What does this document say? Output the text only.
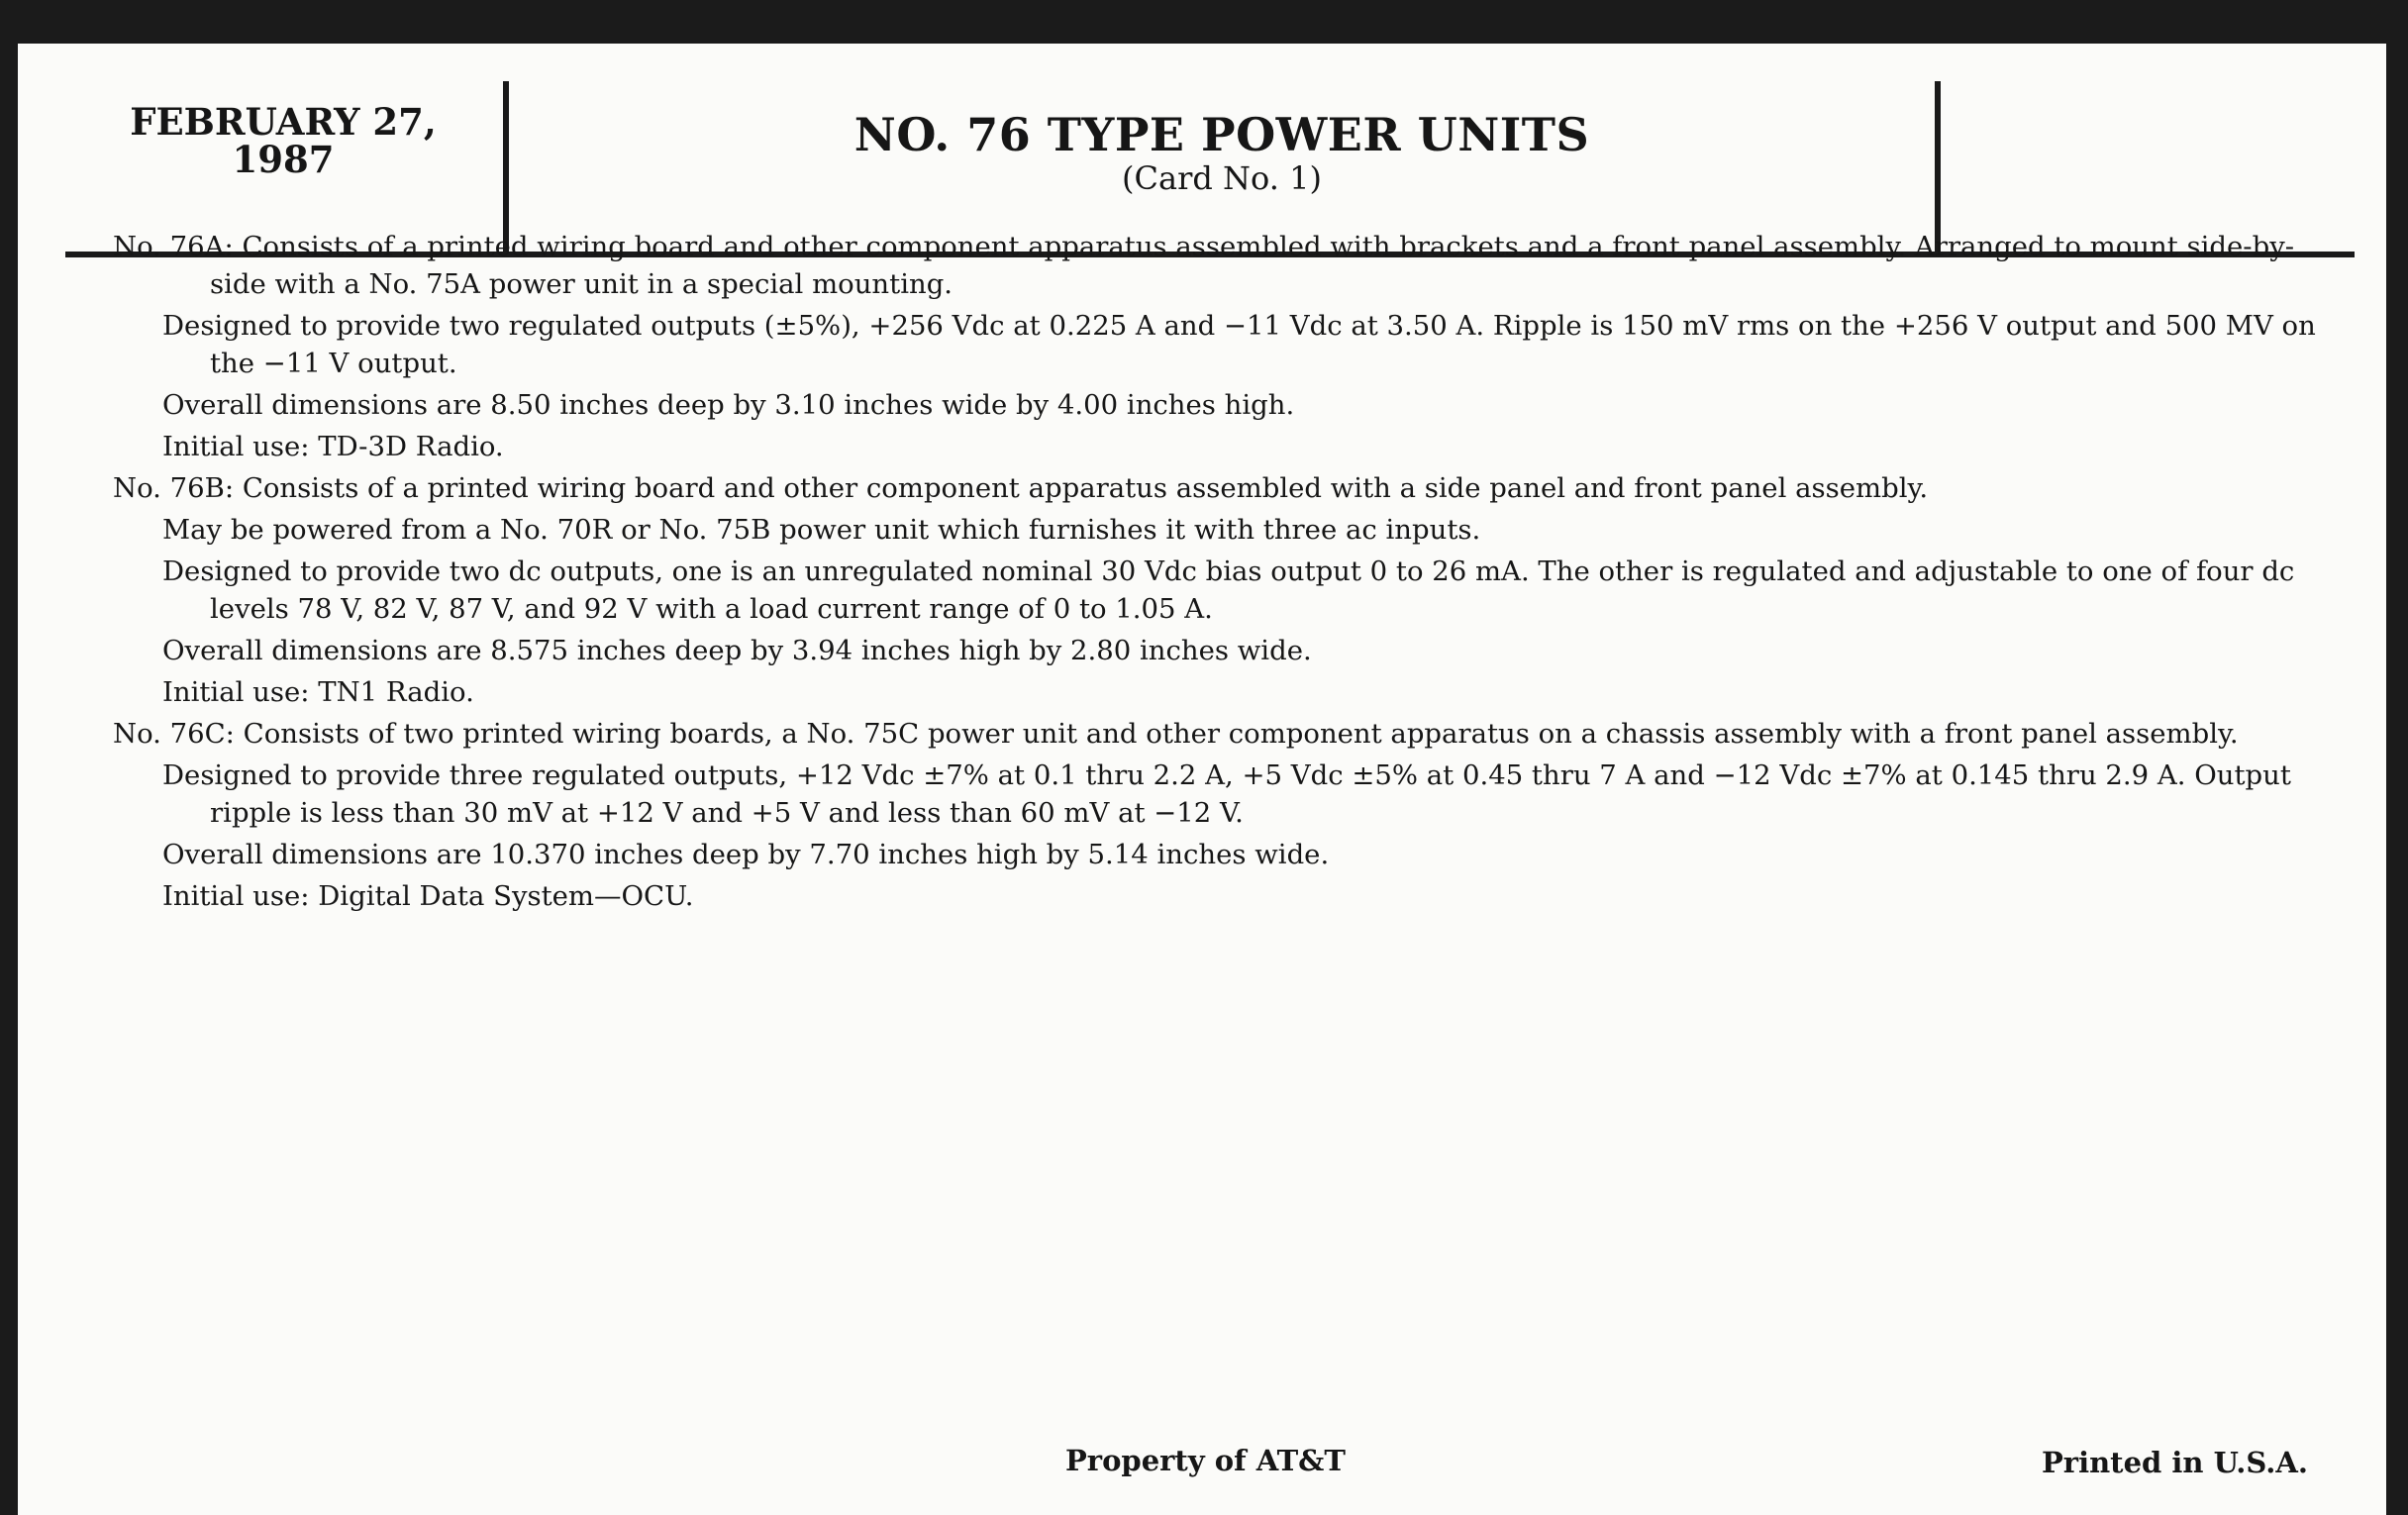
FEBRUARY 27,
1987	NO. 76 TYPE POWER UNITS
(Card No. 1)

No. 76A: Consists of a printed wiring board and other component apparatus assembled with brackets and a front panel assembly. Arranged to mount side-by-side with a No. 75A power unit in a special mounting.

Designed to provide two regulated outputs (±5%), +256 Vdc at 0.225 A and −11 Vdc at 3.50 A. Ripple is 150 mV rms on the +256 V output and 500 MV on the −11 V output.

Overall dimensions are 8.50 inches deep by 3.10 inches wide by 4.00 inches high.

Initial use: TD-3D Radio.

No. 76B: Consists of a printed wiring board and other component apparatus assembled with a side panel and front panel assembly.

May be powered from a No. 70R or No. 75B power unit which furnishes it with three ac inputs.

Designed to provide two dc outputs, one is an unregulated nominal 30 Vdc bias output 0 to 26 mA. The other is regulated and adjustable to one of four dc levels 78 V, 82 V, 87 V, and 92 V with a load current range of 0 to 1.05 A.

Overall dimensions are 8.575 inches deep by 3.94 inches high by 2.80 inches wide.

Initial use: TN1 Radio.

No. 76C: Consists of two printed wiring boards, a No. 75C power unit and other component apparatus on a chassis assembly with a front panel assembly.

Designed to provide three regulated outputs, +12 Vdc ±7% at 0.1 thru 2.2 A, +5 Vdc ±5% at 0.45 thru 7 A and −12 Vdc ±7% at 0.145 thru 2.9 A. Output ripple is less than 30 mV at +12 V and +5 V and less than 60 mV at −12 V.

Overall dimensions are 10.370 inches deep by 7.70 inches high by 5.14 inches wide.

Initial use: Digital Data System—OCU.

Property of AT&T	Printed in U.S.A.
